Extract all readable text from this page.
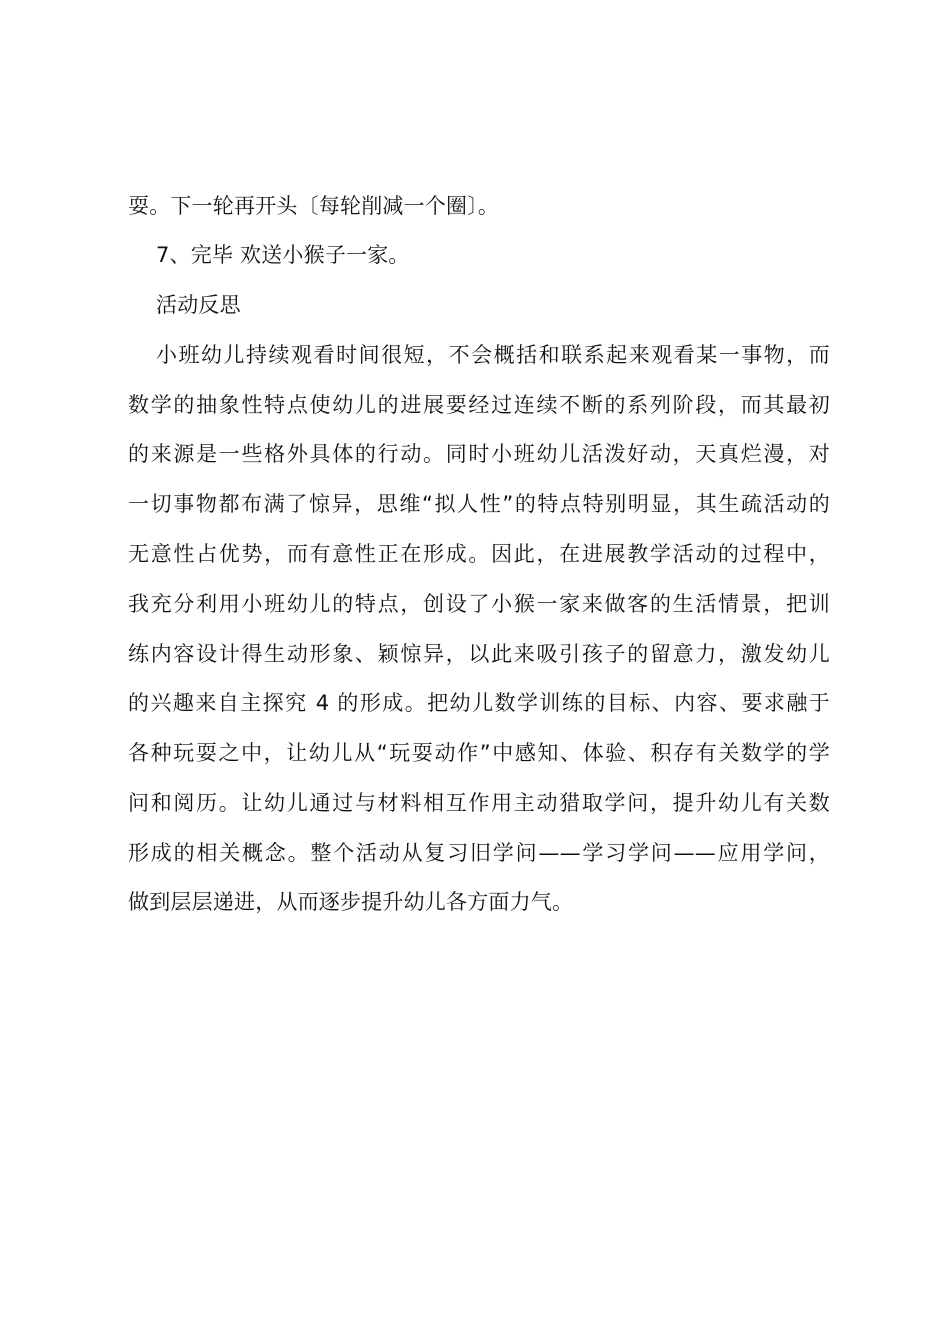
耍。下一轮再开头〔每轮削减一个圈〕。
7、完毕 欢送小猴子一家。
活动反思
小班幼儿持续观看时间很短，不会概括和联系起来观看某一事物，而
数学的抽象性特点使幼儿的进展要经过连续不断的系列阶段，而其最初
的来源是一些格外具体的行动。同时小班幼儿活泼好动，天真烂漫，对
一切事物都布满了惊异，思维“拟人性”的特点特别明显，其生疏活动的
无意性占优势，而有意性正在形成。因此，在进展教学活动的过程中，
我充分利用小班幼儿的特点，创设了小猴一家来做客的生活情景，把训
练内容设计得生动形象、颖惊异，以此来吸引孩子的留意力，激发幼儿
的兴趣来自主探究 4 的形成。把幼儿数学训练的目标、内容、要求融于
各种玩耍之中，让幼儿从“玩耍动作”中感知、体验、积存有关数学的学
问和阅历。让幼儿通过与材料相互作用主动猎取学问，提升幼儿有关数
形成的相关概念。整个活动从复习旧学问——学习学问——应用学问，
做到层层递进，从而逐步提升幼儿各方面力气。
